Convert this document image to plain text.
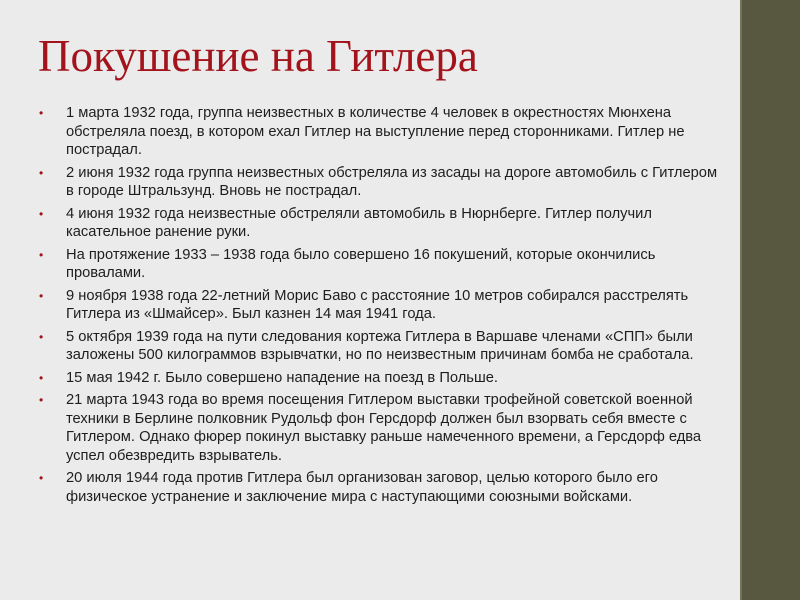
Покушение на Гитлера
• 1 марта 1932 года, группа неизвестных в количестве 4 человек в окрестностях Мюнхена обстреляла поезд, в котором ехал Гитлер на выступление перед сторонниками. Гитлер не пострадал.
• 2 июня 1932 года группа неизвестных обстреляла из засады на дороге автомобиль с Гитлером в городе Штральзунд. Вновь не пострадал.
• 4 июня 1932 года неизвестные обстреляли автомобиль в Нюрнберге. Гитлер получил касательное ранение руки.
• На протяжение 1933 – 1938 года было совершено 16 покушений, которые окончились провалами.
• 9 ноября 1938 года 22-летний Морис Баво с расстояние 10 метров собирался расстрелять Гитлера из «Шмайсер». Был казнен 14 мая 1941 года.
• 5 октября 1939 года на пути следования кортежа Гитлера в Варшаве членами «СПП» были заложены 500 килограммов взрывчатки, но по неизвестным причинам бомба не сработала.
• 15 мая 1942 г. Было совершено нападение на поезд в Польше.
• 21 марта 1943 года во время посещения Гитлером выставки трофейной советской военной техники в Берлине полковник Рудольф фон Герсдорф должен был взорвать себя вместе с Гитлером. Однако фюрер покинул выставку раньше намеченного времени, а Герсдорф едва успел обезвредить взрыватель.
• 20 июля 1944 года против Гитлера был организован заговор, целью которого было его физическое устранение и заключение мира с наступающими союзными войсками.
